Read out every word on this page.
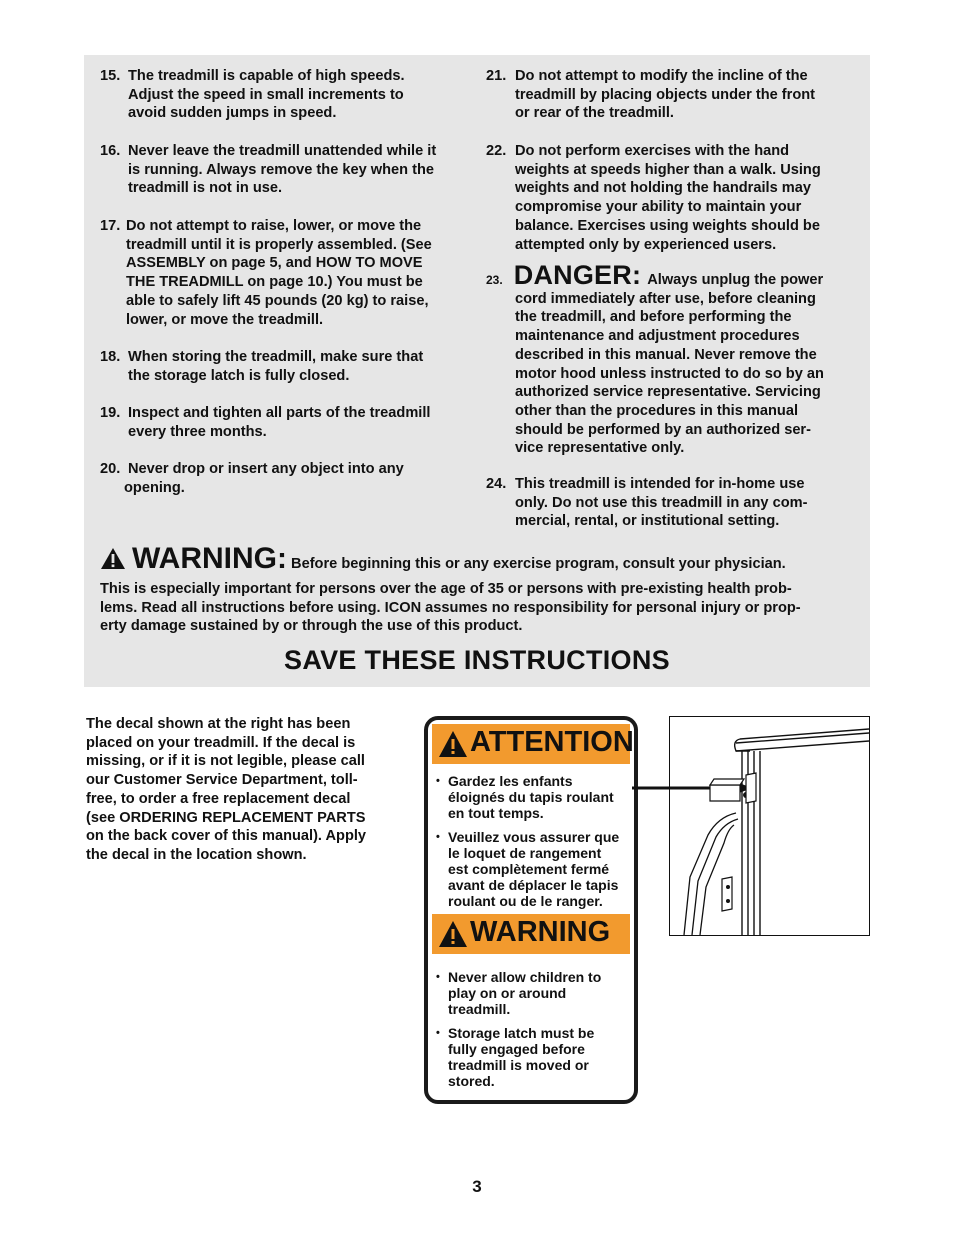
15. The treadmill is capable of high speeds.
Adjust the speed in small increments to
avoid sudden jumps in speed.
16. Never leave the treadmill unattended while it
is running. Always remove the key when the
treadmill is not in use.
17. Do not attempt to raise, lower, or move the
treadmill until it is properly assembled. (See
ASSEMBLY on page 5, and HOW TO MOVE
THE TREADMILL on page 10.) You must be
able to safely lift 45 pounds (20 kg) to raise,
lower, or move the treadmill.
18. When storing the treadmill, make sure that
the storage latch is fully closed.
19. Inspect and tighten all parts of the treadmill
every three months.
20. Never drop or insert any object into any
opening.
21. Do not attempt to modify the incline of the
treadmill by placing objects under the front
or rear of the treadmill.
22. Do not perform exercises with the hand
weights at speeds higher than a walk. Using
weights and not holding the handrails may
compromise your ability to maintain your
balance. Exercises using weights should be
attempted only by experienced users.
23. DANGER: Always unplug the power
cord immediately after use, before cleaning
the treadmill, and before performing the
maintenance and adjustment procedures
described in this manual. Never remove the
motor hood unless instructed to do so by an
authorized service representative. Servicing
other than the procedures in this manual
should be performed by an authorized ser-
vice representative only.
24. This treadmill is intended for in-home use
only. Do not use this treadmill in any com-
mercial, rental, or institutional setting.
WARNING: Before beginning this or any exercise program, consult your physician.
This is especially important for persons over the age of 35 or persons with pre-existing health prob-
lems. Read all instructions before using. ICON assumes no responsibility for personal injury or prop-
erty damage sustained by or through the use of this product.
SAVE THESE INSTRUCTIONS
The decal shown at the right has been
placed on your treadmill. If the decal is
missing, or if it is not legible, please call
our Customer Service Department, toll-
free, to order a free replacement decal
(see ORDERING REPLACEMENT PARTS
on the back cover of this manual). Apply
the decal in the location shown.
ATTENTION
• Gardez les enfants
éloignés du tapis roulant
en tout temps.
• Veuillez vous assurer que
le loquet de rangement
est complètement fermé
avant de déplacer le tapis
roulant ou de le ranger.
WARNING
• Never allow children to
play on or around
treadmill.
• Storage latch must be
fully engaged before
treadmill is moved or
stored.
3
